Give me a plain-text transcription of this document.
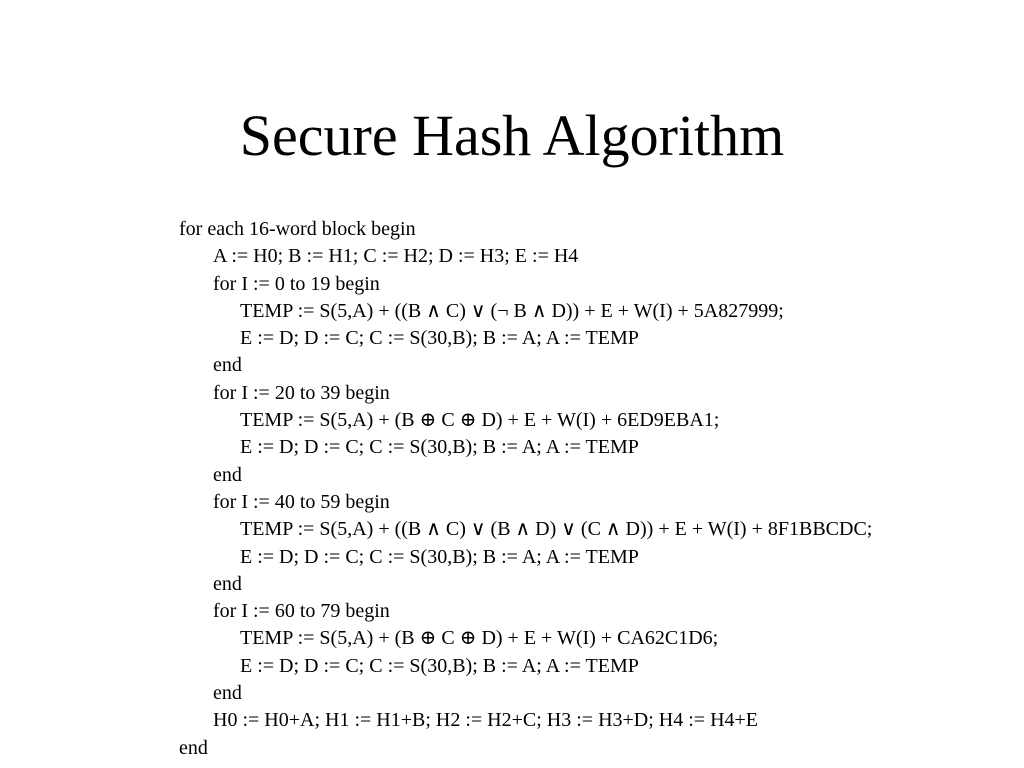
Secure Hash Algorithm
for each 16-word block begin
A := H0; B := H1; C := H2; D := H3; E := H4
for I := 0 to 19 begin
TEMP := S(5,A) + ((B ∧ C) ∨ (¬ B ∧ D)) + E + W(I) + 5A827999;
E := D; D := C; C := S(30,B); B := A; A := TEMP
end
for I := 20 to 39 begin
TEMP := S(5,A) + (B ⊕ C ⊕ D) + E + W(I) + 6ED9EBA1;
E := D; D := C; C := S(30,B); B := A; A := TEMP
end
for I := 40 to 59 begin
TEMP := S(5,A) + ((B ∧ C) ∨ (B ∧ D) ∨ (C ∧ D)) + E + W(I) + 8F1BBCDC;
E := D; D := C; C := S(30,B); B := A; A := TEMP
end
for I := 60 to 79 begin
TEMP := S(5,A) + (B ⊕ C ⊕ D) + E + W(I) + CA62C1D6;
E := D; D := C; C := S(30,B); B := A; A := TEMP
end
H0 := H0+A; H1 := H1+B; H2 := H2+C; H3 := H3+D; H4 := H4+E
end
